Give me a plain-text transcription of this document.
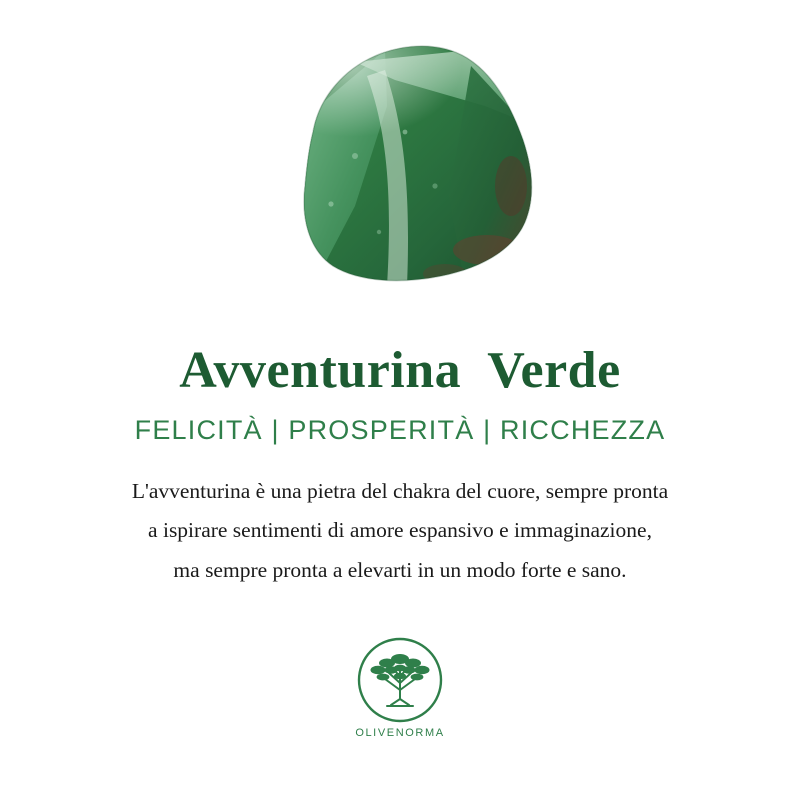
Avventurina  Verde
FELICITÀ | PROSPERITÀ | RICCHEZZA
L'avventurina è una pietra del chakra del cuore, sempre pronta
a ispirare sentimenti di amore espansivo e immaginazione,
ma sempre pronta a elevarti in un modo forte e sano.
OLIVENORMA
